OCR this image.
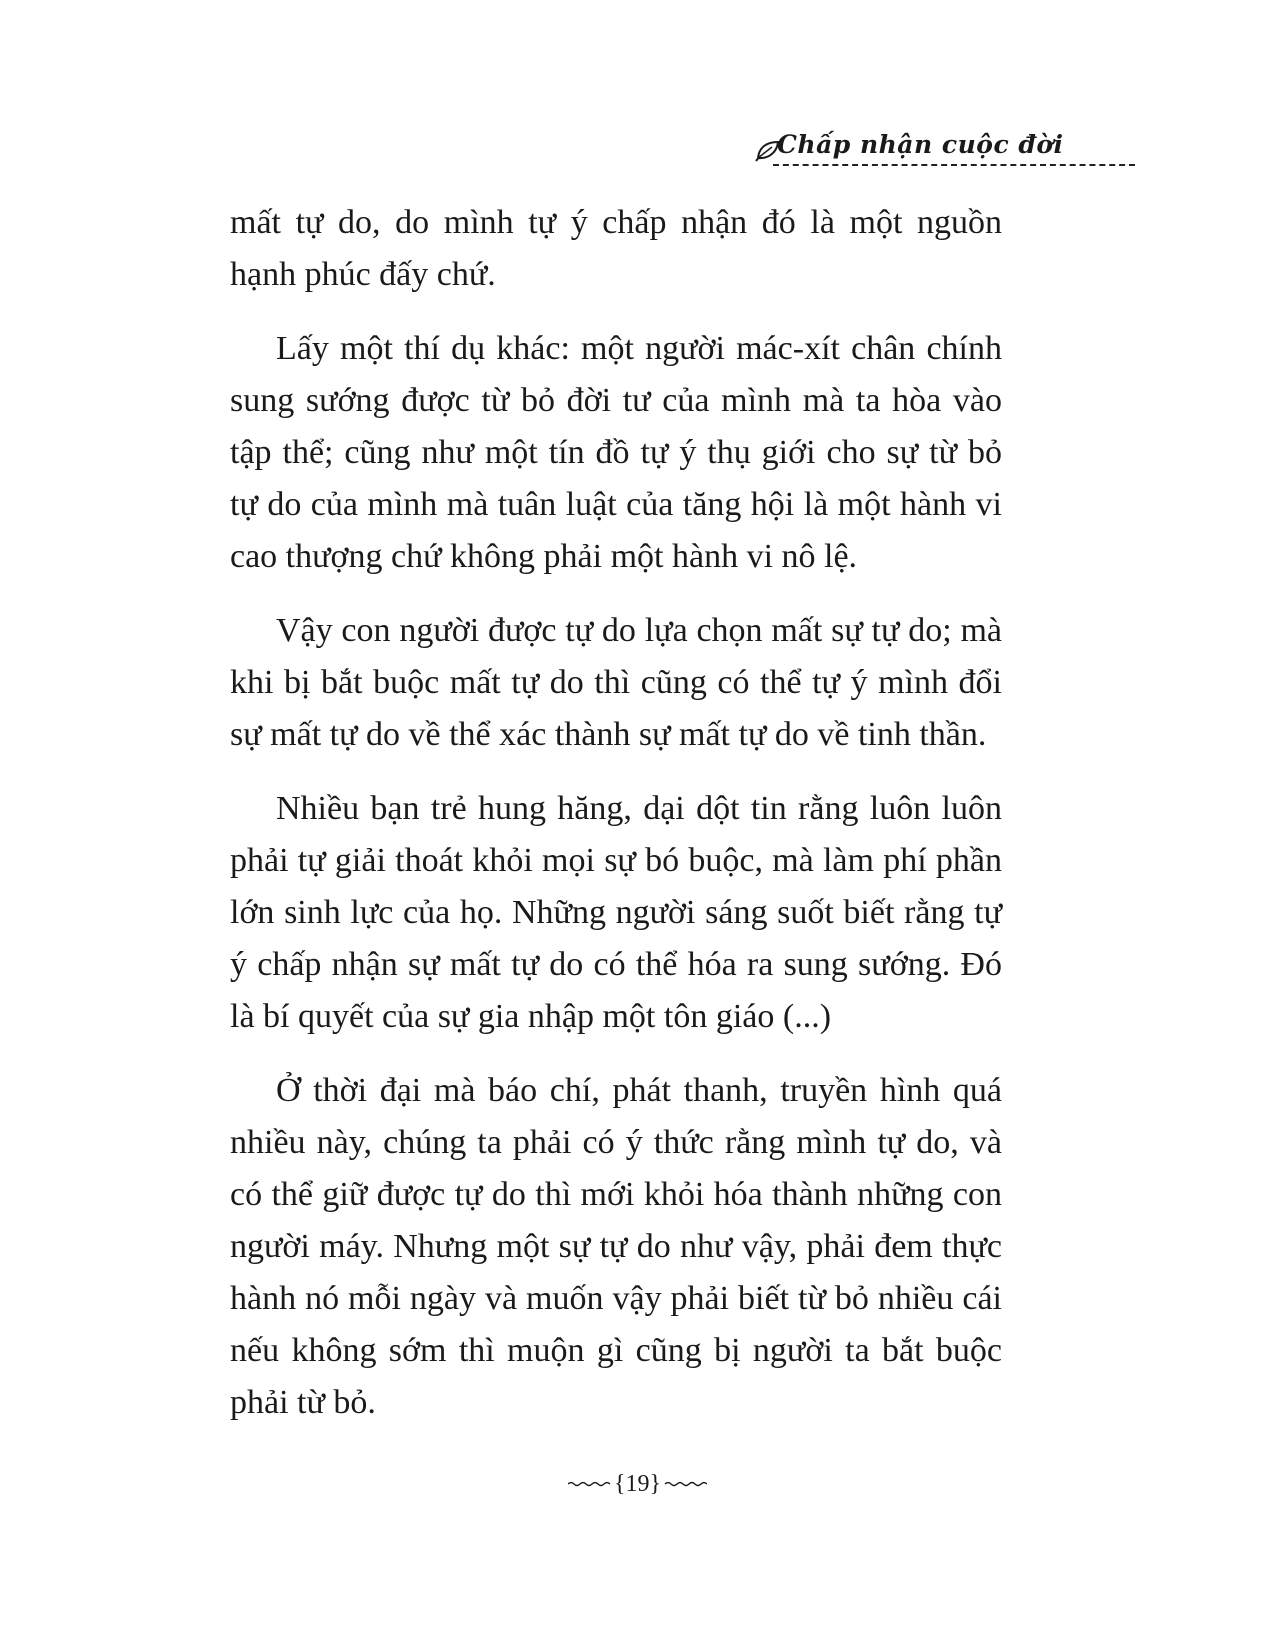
Chấp nhận cuộc đời

mất tự do, do mình tự ý chấp nhận đó là một nguồn hạnh phúc đấy chứ.

Lấy một thí dụ khác: một người mác-xít chân chính sung sướng được từ bỏ đời tư của mình mà ta hòa vào tập thể; cũng như một tín đồ tự ý thụ giới cho sự từ bỏ tự do của mình mà tuân luật của tăng hội là một hành vi cao thượng chứ không phải một hành vi nô lệ.

Vậy con người được tự do lựa chọn mất sự tự do; mà khi bị bắt buộc mất tự do thì cũng có thể tự ý mình đổi sự mất tự do về thể xác thành sự mất tự do về tinh thần.

Nhiều bạn trẻ hung hăng, dại dột tin rằng luôn luôn phải tự giải thoát khỏi mọi sự bó buộc, mà làm phí phần lớn sinh lực của họ. Những người sáng suốt biết rằng tự ý chấp nhận sự mất tự do có thể hóa ra sung sướng. Đó là bí quyết của sự gia nhập một tôn giáo (...)

Ở thời đại mà báo chí, phát thanh, truyền hình quá nhiều này, chúng ta phải có ý thức rằng mình tự do, và có thể giữ được tự do thì mới khỏi hóa thành những con người máy. Nhưng một sự tự do như vậy, phải đem thực hành nó mỗi ngày và muốn vậy phải biết từ bỏ nhiều cái nếu không sớm thì muộn gì cũng bị người ta bắt buộc phải từ bỏ.

{19}
